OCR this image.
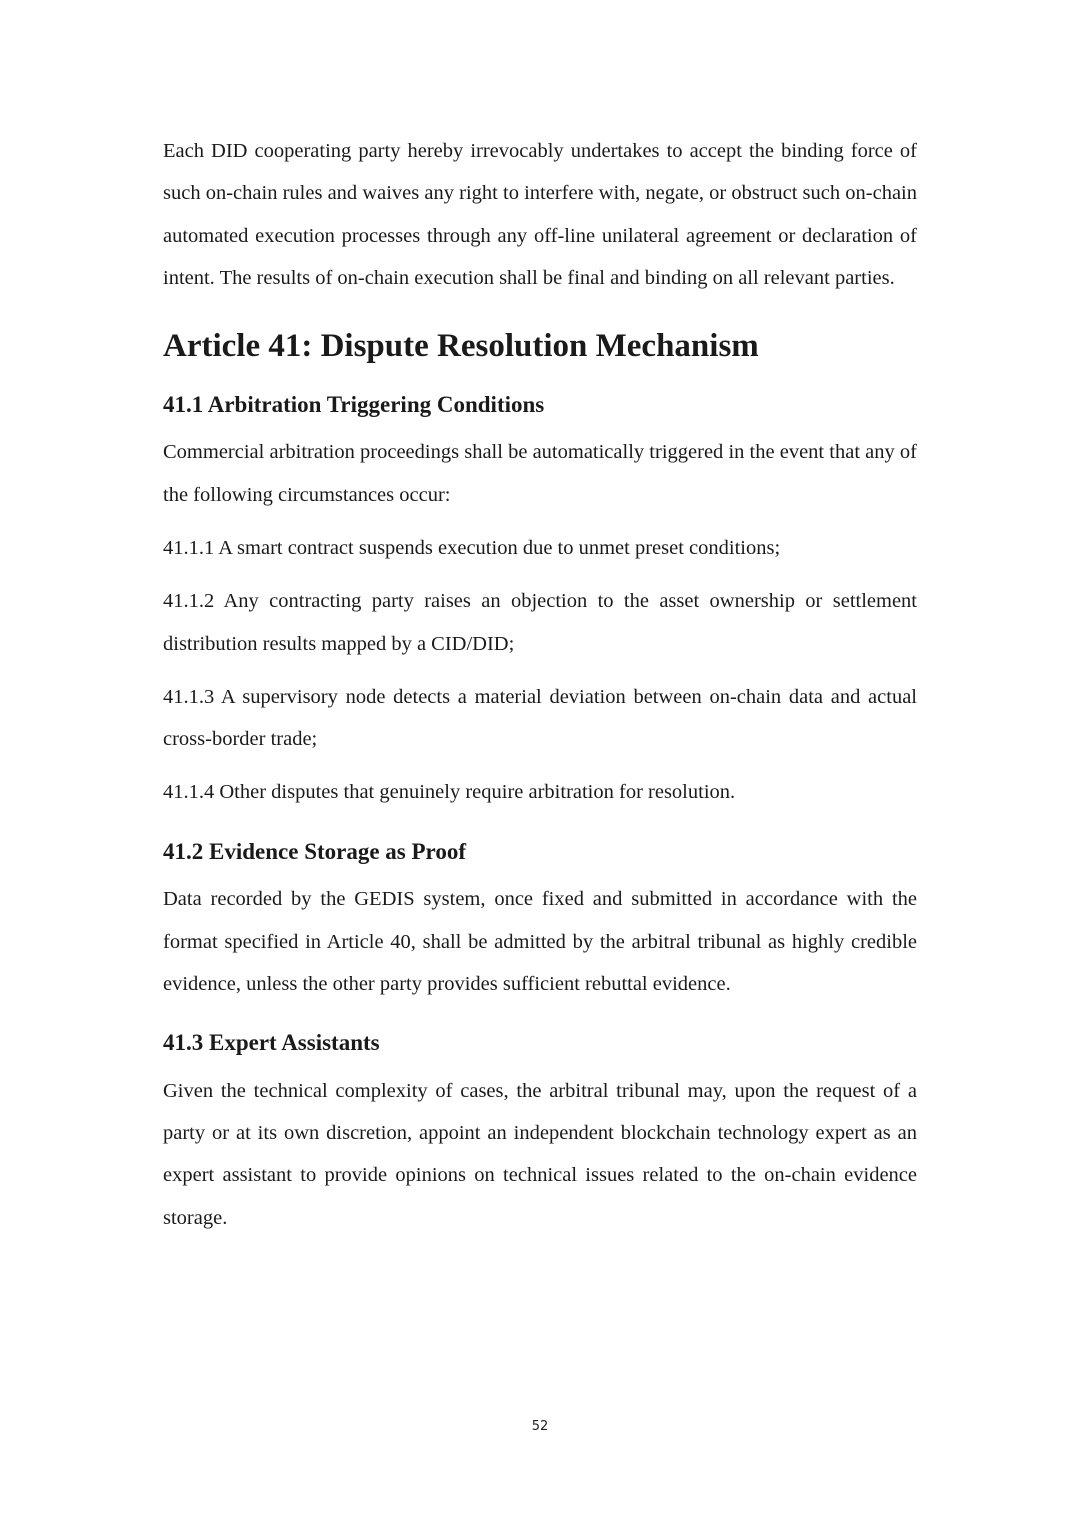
Each DID cooperating party hereby irrevocably undertakes to accept the binding force of such on-chain rules and waives any right to interfere with, negate, or obstruct such on-chain automated execution processes through any off-line unilateral agreement or declaration of intent. The results of on-chain execution shall be final and binding on all relevant parties.

Article 41: Dispute Resolution Mechanism
41.1 Arbitration Triggering Conditions

Commercial arbitration proceedings shall be automatically triggered in the event that any of the following circumstances occur:

41.1.1 A smart contract suspends execution due to unmet preset conditions;

41.1.2 Any contracting party raises an objection to the asset ownership or settlement distribution results mapped by a CID/DID;

41.1.3 A supervisory node detects a material deviation between on-chain data and actual cross-border trade;

41.1.4 Other disputes that genuinely require arbitration for resolution.

41.2 Evidence Storage as Proof

Data recorded by the GEDIS system, once fixed and submitted in accordance with the format specified in Article 40, shall be admitted by the arbitral tribunal as highly credible evidence, unless the other party provides sufficient rebuttal evidence.

41.3 Expert Assistants

Given the technical complexity of cases, the arbitral tribunal may, upon the request of a party or at its own discretion, appoint an independent blockchain technology expert as an expert assistant to provide opinions on technical issues related to the on-chain evidence storage.

52
